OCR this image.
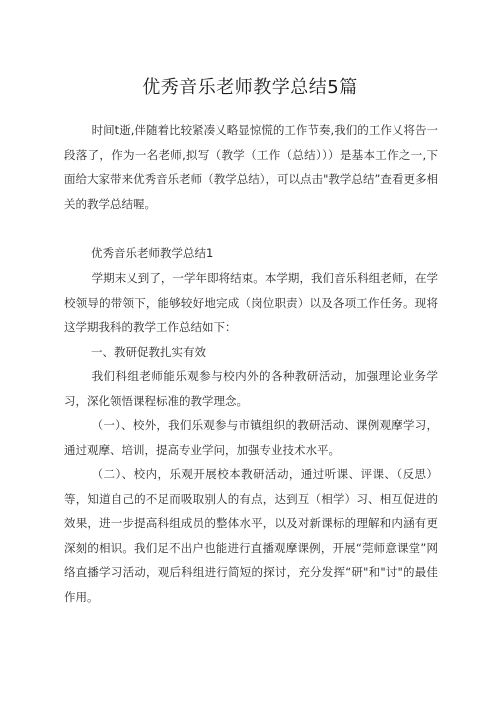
优秀音乐老师教学总结5篇

时间t逝,伴随着比较紧凑乂略显惊慌的工作节奏,我们的工作乂将告一段落了，作为一名老师,拟写（教学（工作（总结）））是基本工作之一,下面给大家带来优秀音乐老师（教学总结），可以点击"教学总结”查看更多相关的教学总结喔。

优秀音乐老师教学总结1

学期末乂到了，一学年即将结束。本学期，我们音乐科组老师，在学校领导的带领下，能够较好地完成（岗位职责）以及各项工作任务。现将这学期我科的教学工作总结如下：

一、教研促教扎实有效

我们科组老师能乐观参与校内外的各种教研活动，加强理论业务学习，深化领悟课程标准的教学理念。

（一）、校外，我们乐观参与市镇组织的教研活动、课例观摩学习，通过观摩、培训，提高专业学问，加强专业技术水平。

（二）、校内，乐观开展校本教研活动，通过听课、评课、（反思）等，知道自己的不足而吸取别人的有点，达到互（相学）习、相互促进的效果，进一步提高科组成员的整体水平，以及对新课标的理解和内涵有更深刻的相识。我们足不出户也能进行直播观摩课例，开展“莞师意课堂”网络直播学习活动，观后科组进行简短的探讨，充分发挥“研"和"讨"的最佳作用。
